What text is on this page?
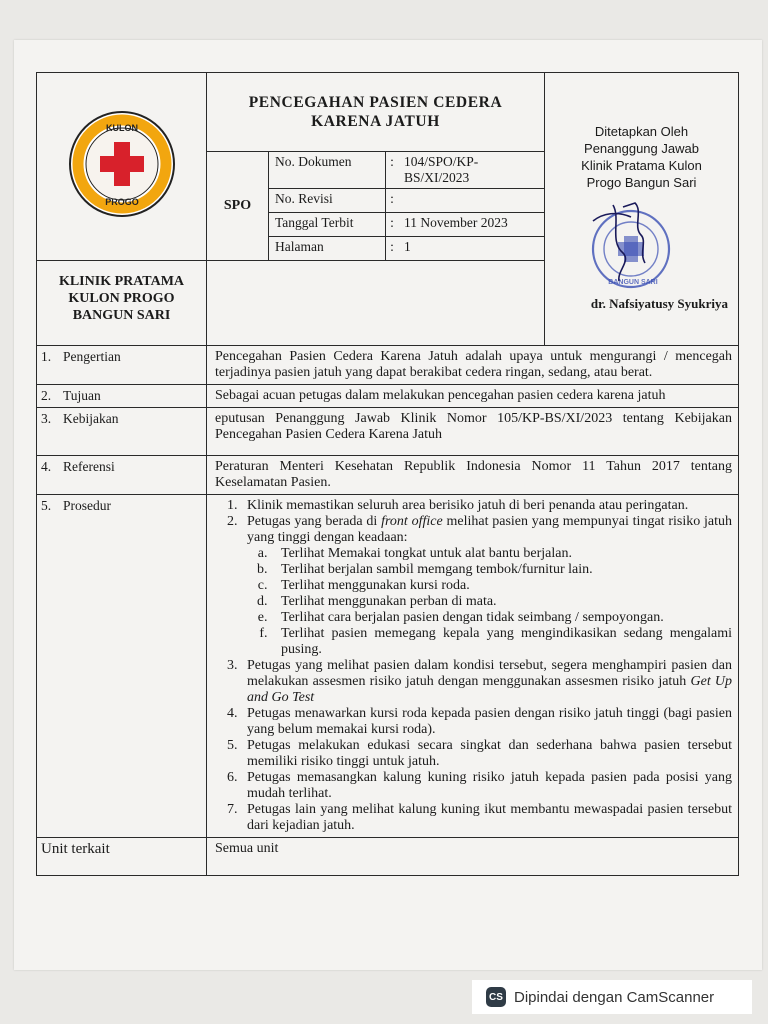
KULON
PROGO

PENCEGAHAN PASIEN CEDERA

KARENA JATUH

Ditetapkan Oleh
Penanggung Jawab
Klinik Pratama Kulon
Progo Bangun Sari
BANGUN SARI
dr. Nafsiyatusy Syukriya

SPO	
No. Dokumen	:	104/SPO/KP-BS/XI/2023
No. Revisi	:	
Tanggal Terbit	:	11 November 2023
Halaman	:	1

KLINIK PRATAMA
KULON PROGO
BANGUN SARI

1. Pengertian	Pencegahan Pasien Cedera Karena Jatuh adalah upaya untuk mengurangi / mencegah terjadinya pasien jatuh yang dapat berakibat cedera ringan, sedang, atau berat.

2. Tujuan	Sebagai acuan petugas dalam melakukan pencegahan pasien cedera karena jatuh

3. Kebijakan	eputusan Penanggung Jawab Klinik Nomor 105/KP-BS/XI/2023 tentang Kebijakan Pencegahan Pasien Cedera Karena Jatuh

4. Referensi	Peraturan Menteri Kesehatan Republik Indonesia Nomor 11 Tahun 2017 tentang Keselamatan Pasien.

5. Prosedur	
1.Klinik memastikan seluruh area berisiko jatuh di beri penanda atau peringatan.
2. Petugas yang berada di front office melihat pasien yang mempunyai tingat risiko jatuh yang tinggi dengan keadaan:
a. Terlihat Memakai tongkat untuk alat bantu berjalan.
b. Terlihat berjalan sambil memgang tembok/furnitur lain.
c. Terlihat menggunakan kursi roda.
d. Terlihat menggunakan perban di mata.
e. Terlihat cara berjalan pasien dengan tidak seimbang / sempoyongan.
f. Terlihat pasien memegang kepala yang mengindikasikan sedang mengalami pusing.
3. Petugas yang melihat pasien dalam kondisi tersebut, segera menghampiri pasien dan melakukan assesmen risiko jatuh dengan menggunakan assesmen risiko jatuh Get Up and Go Test
4. Petugas menawarkan kursi roda kepada pasien dengan risiko jatuh tinggi (bagi pasien yang belum memakai kursi roda).
5. Petugas melakukan edukasi secara singkat dan sederhana bahwa pasien tersebut memiliki risiko tinggi untuk jatuh.
6. Petugas memasangkan kalung kuning risiko jatuh kepada pasien pada posisi yang mudah terlihat.
7. Petugas lain yang melihat kalung kuning ikut membantu mewaspadai pasien tersebut dari kejadian jatuh.

Unit terkait	Semua unit
CS Dipindai dengan CamScanner
